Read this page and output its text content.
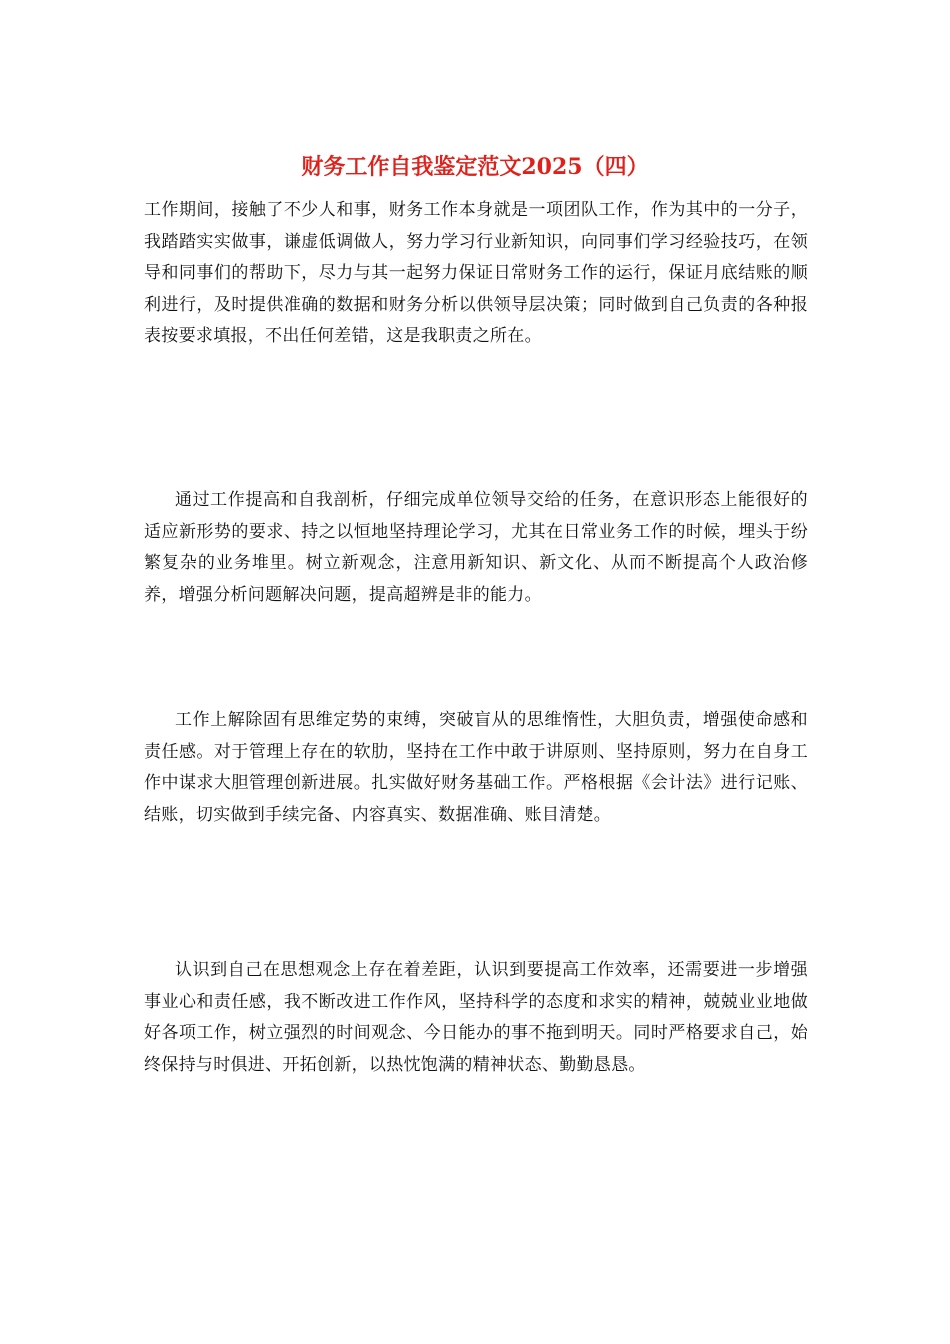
财务工作自我鉴定范文2025（四）

工作期间，接触了不少人和事，财务工作本身就是一项团队工作，作为其中的一分子，我踏踏实实做事，谦虚低调做人，努力学习行业新知识，向同事们学习经验技巧，在领导和同事们的帮助下，尽力与其一起努力保证日常财务工作的运行，保证月底结账的顺利进行，及时提供准确的数据和财务分析以供领导层决策；同时做到自己负责的各种报表按要求填报，不出任何差错，这是我职责之所在。

通过工作提高和自我剖析，仔细完成单位领导交给的任务，在意识形态上能很好的适应新形势的要求、持之以恒地坚持理论学习，尤其在日常业务工作的时候，埋头于纷繁复杂的业务堆里。树立新观念，注意用新知识、新文化、从而不断提高个人政治修养，增强分析问题解决问题，提高超辨是非的能力。

工作上解除固有思维定势的束缚，突破盲从的思维惰性，大胆负责，增强使命感和责任感。对于管理上存在的软肋，坚持在工作中敢于讲原则、坚持原则，努力在自身工作中谋求大胆管理创新进展。扎实做好财务基础工作。严格根据《会计法》进行记账、结账，切实做到手续完备、内容真实、数据准确、账目清楚。

认识到自己在思想观念上存在着差距，认识到要提高工作效率，还需要进一步增强事业心和责任感，我不断改进工作作风，坚持科学的态度和求实的精神，兢兢业业地做好各项工作，树立强烈的时间观念、今日能办的事不拖到明天。同时严格要求自己，始终保持与时俱进、开拓创新，以热忱饱满的精神状态、勤勤恳恳。
